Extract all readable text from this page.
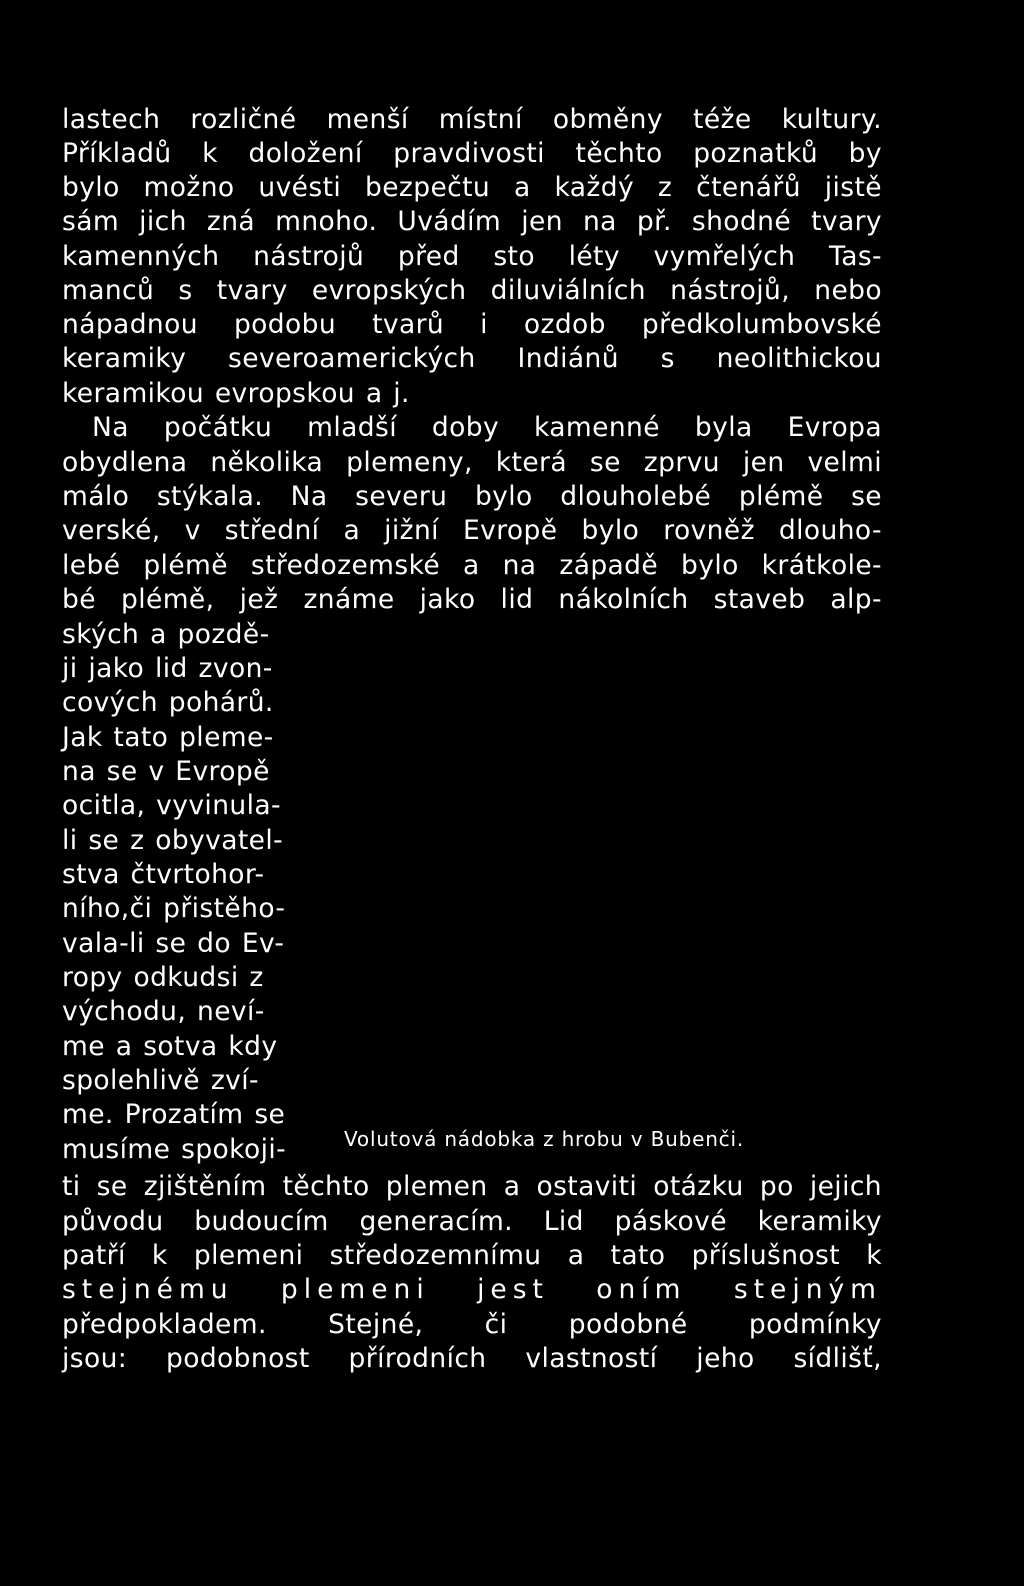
lastech rozličné menší místní obměny téže kultury.
Příkladů k doložení pravdivosti těchto poznatků by
bylo možno uvésti bezpečtu a každý z čtenářů jistě
sám jich zná mnoho. Uvádím jen na př. shodné tvary
kamenných nástrojů před sto léty vymřelých Tas-
manců s tvary evropských diluviálních nástrojů, nebo
nápadnou podobu tvarů i ozdob předkolumbovské
keramiky severoamerických Indiánů s neolithickou
keramikou evropskou a j.
Na počátku mladší doby kamenné byla Evropa
obydlena několika plemeny, která se zprvu jen velmi
málo stýkala. Na severu bylo dlouholebé plémě se
verské, v střední a jižní Evropě bylo rovněž dlouho-
lebé plémě středozemské a na západě bylo krátkole-
bé plémě, jež známe jako lid nákolních staveb alp-
ských a pozdě-
ji jako lid zvon-
cových pohárů.
Jak tato pleme-
na se v Evropě
ocitla, vyvinula-
li se z obyvatel-
stva čtvrtohor-
ního,či přistěho-
vala-li se do Ev-
ropy odkudsi z
východu, neví-
me a sotva kdy
spolehlivě zví-
me. Prozatím se
musíme spokoji-	Volutová nádobka z hrobu v Bubenči.
ti se zjištěním těchto plemen a ostaviti otázku po jejich
původu budoucím generacím. Lid páskové keramiky
patří k plemeni středozemnímu a tato příslušnost k
stejnému plemeni jest oním stejným
předpokladem. Stejné, či podobné podmínky
jsou: podobnost přírodních vlastností jeho sídlišť,
